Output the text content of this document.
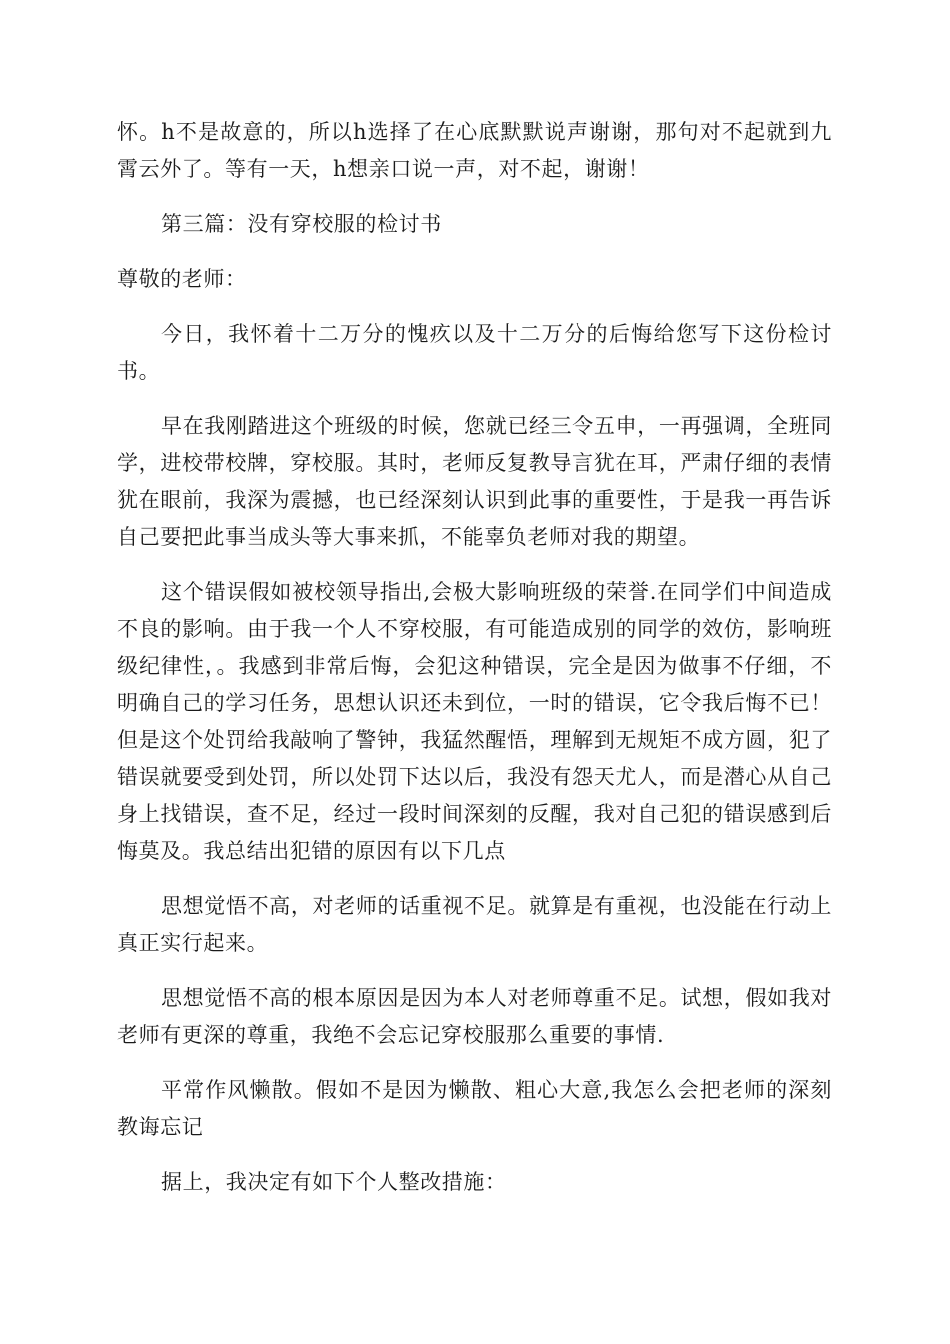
怀。h不是故意的，所以h选择了在心底默默说声谢谢，那句对不起就到九霄云外了。等有一天，h想亲口说一声，对不起，谢谢！

第三篇：没有穿校服的检讨书

尊敬的老师：

今日，我怀着十二万分的愧疚以及十二万分的后悔给您写下这份检讨书。

早在我刚踏进这个班级的时候，您就已经三令五申，一再强调，全班同学，进校带校牌，穿校服。其时，老师反复教导言犹在耳，严肃仔细的表情犹在眼前，我深为震撼，也已经深刻认识到此事的重要性，于是我一再告诉自己要把此事当成头等大事来抓，不能辜负老师对我的期望。

这个错误假如被校领导指出,会极大影响班级的荣誉.在同学们中间造成不良的影响。由于我一个人不穿校服，有可能造成别的同学的效仿，影响班级纪律性，。我感到非常后悔，会犯这种错误，完全是因为做事不仔细，不明确自己的学习任务，思想认识还未到位，一时的错误，它令我后悔不已！但是这个处罚给我敲响了警钟，我猛然醒悟，理解到无规矩不成方圆，犯了错误就要受到处罚，所以处罚下达以后，我没有怨天尤人，而是潜心从自己身上找错误，查不足，经过一段时间深刻的反醒，我对自己犯的错误感到后悔莫及。我总结出犯错的原因有以下几点

思想觉悟不高，对老师的话重视不足。就算是有重视，也没能在行动上真正实行起来。

思想觉悟不高的根本原因是因为本人对老师尊重不足。试想，假如我对老师有更深的尊重，我绝不会忘记穿校服那么重要的事情.

平常作风懒散。假如不是因为懒散、粗心大意,我怎么会把老师的深刻教诲忘记

据上，我决定有如下个人整改措施：
